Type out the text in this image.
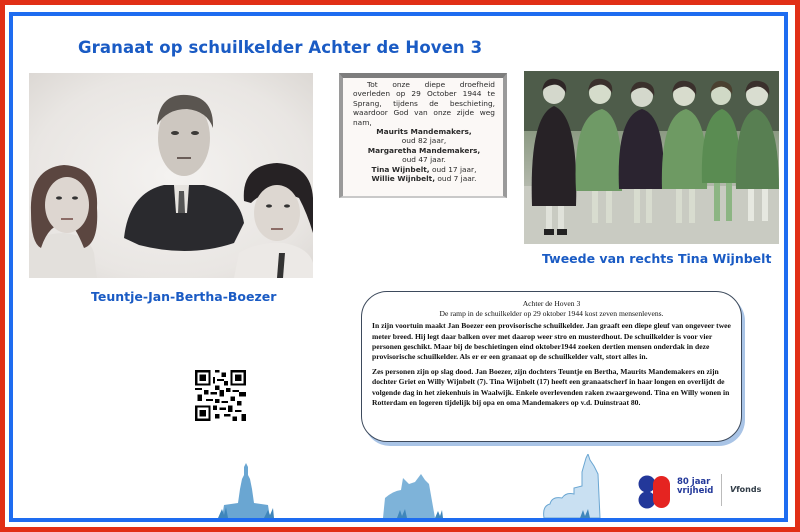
Granaat op schuilkelder Achter de Hoven 3
Teuntje-Jan-Bertha-Boezer
Tot onze diepe droefheid overleden op 29 October 1944 te Sprang, tijdens de beschieting, waardoor God van onze zijde weg nam,
Maurits Mandemakers,
oud 82 jaar,
Margaretha Mandemakers,
oud 47 jaar.
Tina Wijnbelt, oud 17 jaar,
Willie Wijnbelt, oud 7 jaar.
Tweede van rechts Tina Wijnbelt
Achter de Hoven 3
De ramp in de schuilkelder op 29 oktober 1944 kost zeven mensenlevens.

In zijn voortuin maakt Jan Boezer een provisorische schuilkelder. Jan graaft een diepe gleuf van ongeveer twee meter breed. Hij legt daar balken over met daarop weer stro en musterdhout. De schuilkelder is voor vier personen geschikt. Maar bij de beschietingen eind oktober1944 zoeken dertien mensen onderdak in deze provisorische schuilkelder. Als er er een granaat op de schuilkelder valt, stort alles in.

Zes personen zijn op slag dood. Jan Boezer, zijn dochters Teuntje en Bertha, Maurits Mandemakers en zijn dochter Griet en Willy Wijnbelt (7). Tina Wijnbelt (17) heeft een granaatscherf in haar longen en overlijdt de volgende dag in het ziekenhuis in Waalwijk. Enkele overlevenden raken zwaargewond. Tina en Willy wonen in Rotterdam en logeren tijdelijk bij opa en oma Mandemakers op v.d. Duinstraat 80.

80 jaar
vrijheid Vfonds
